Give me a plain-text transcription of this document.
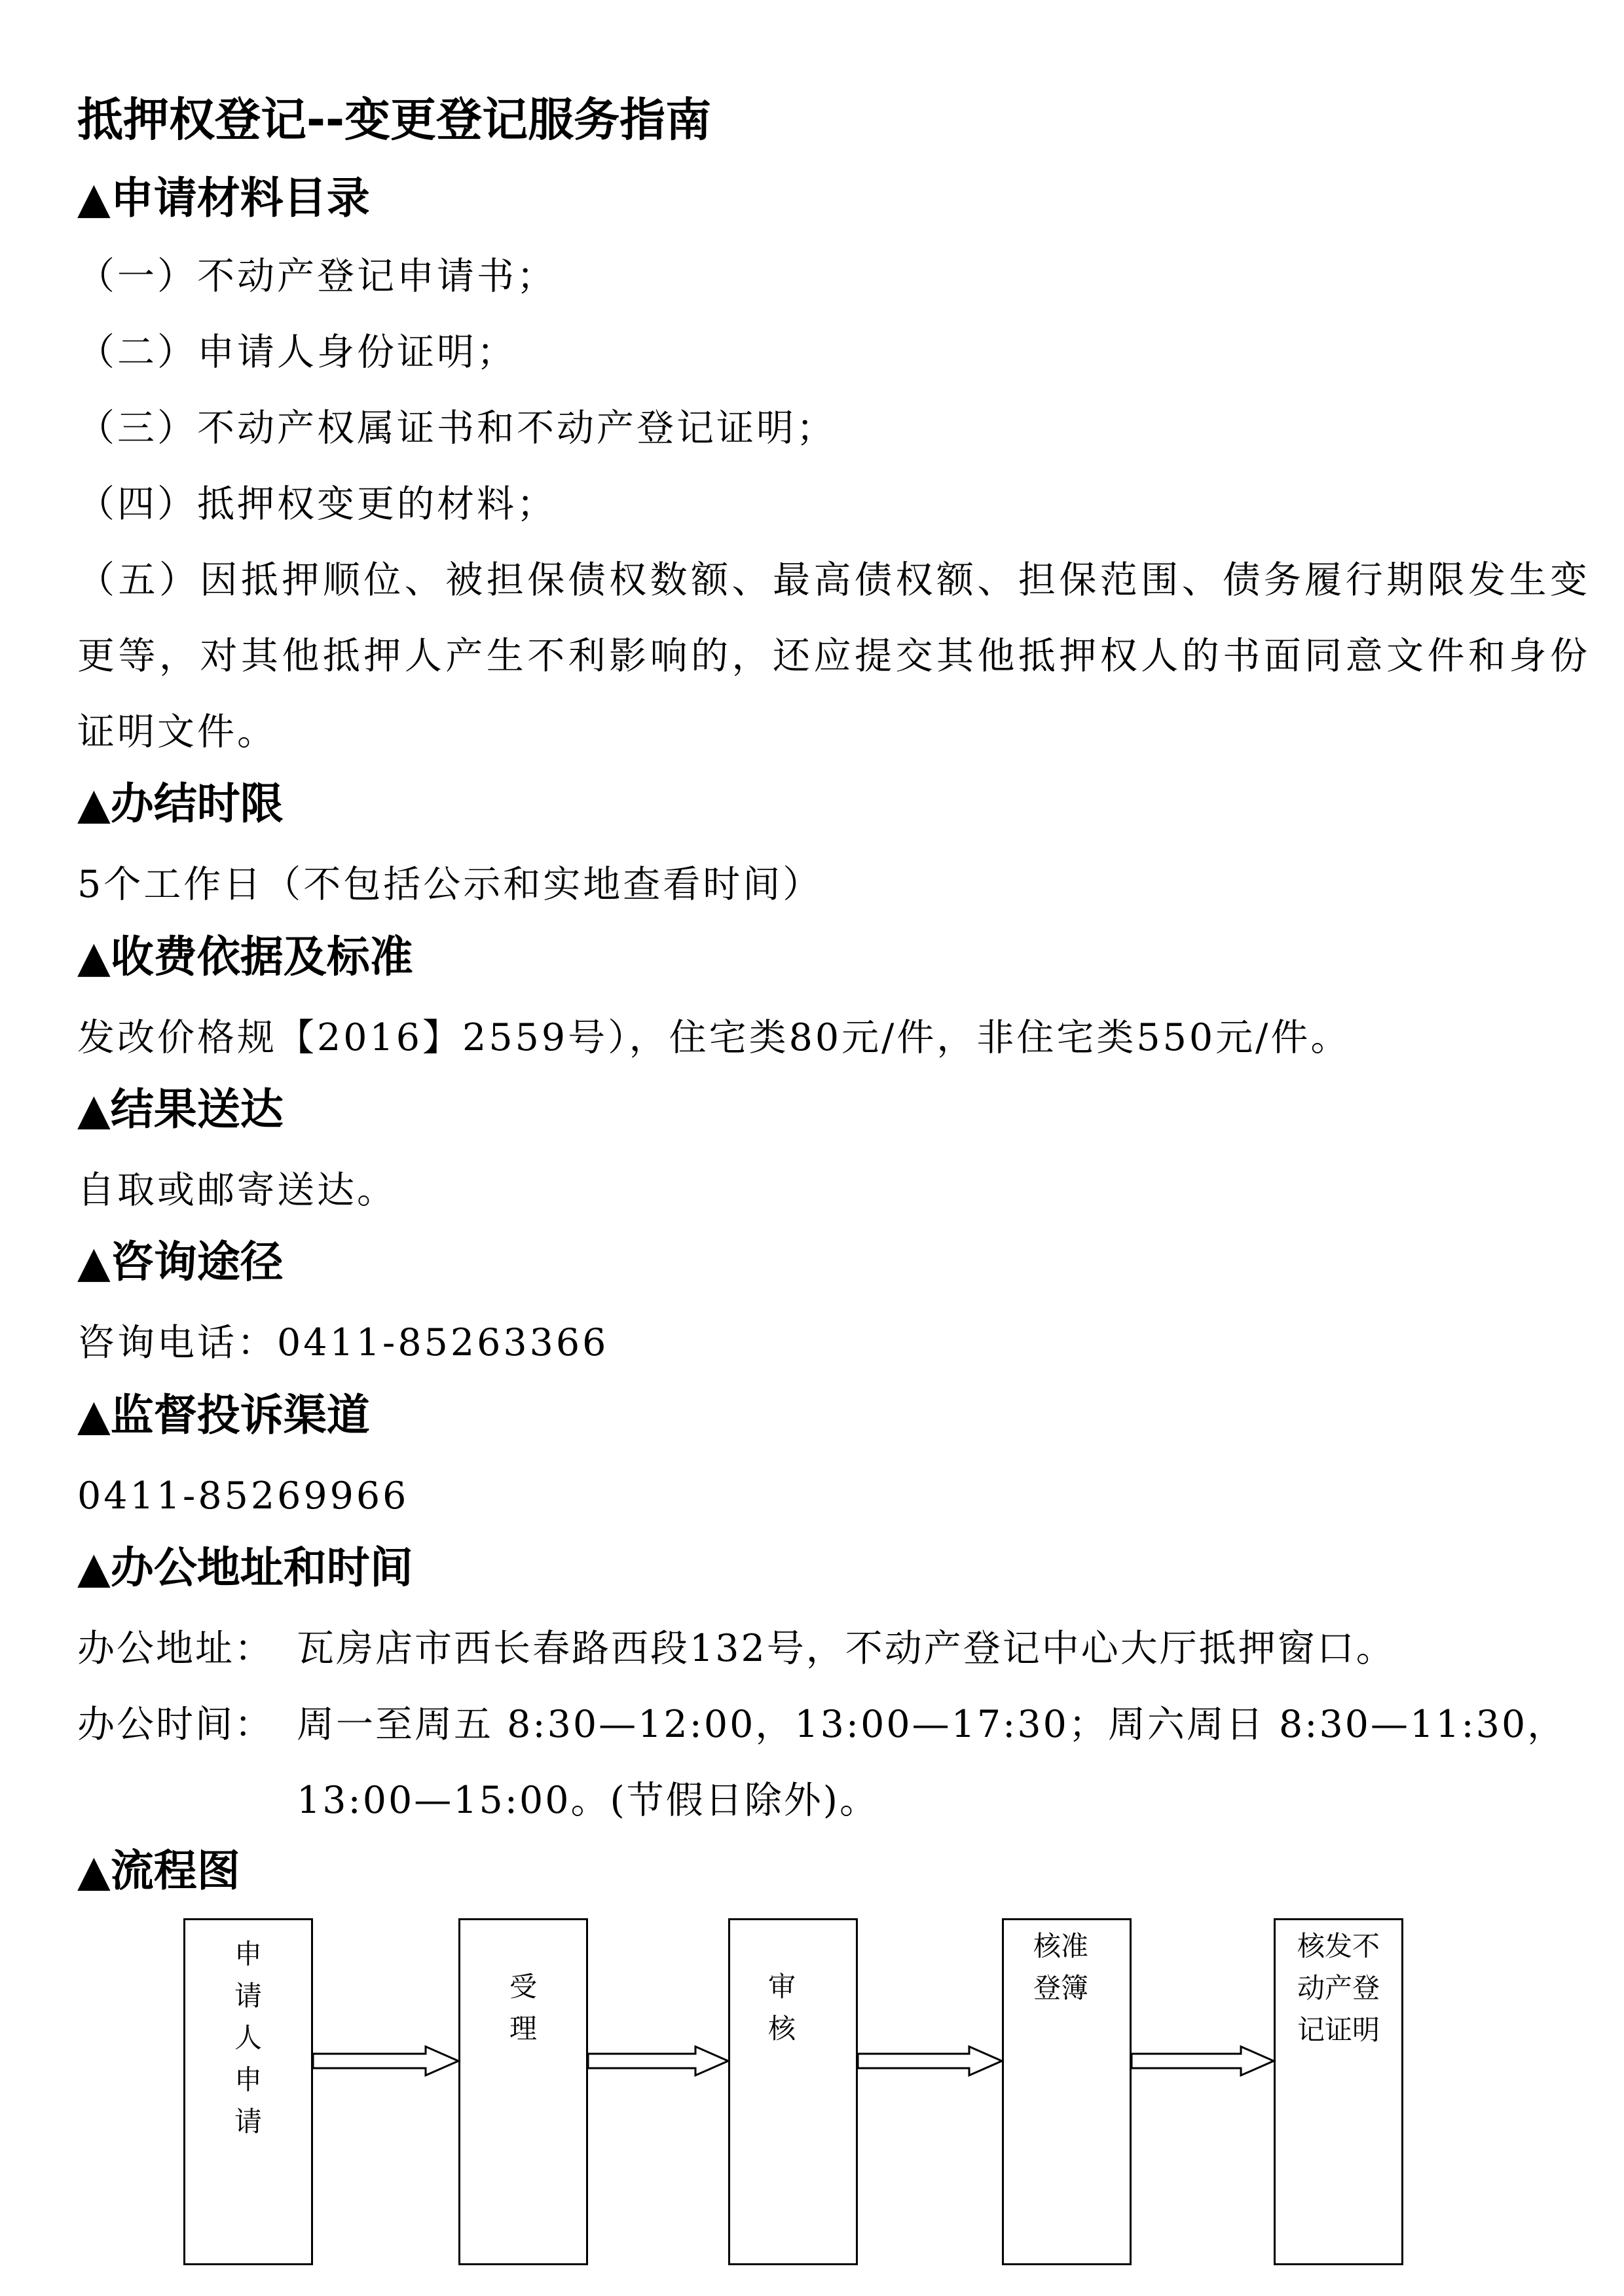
抵押权登记--变更登记服务指南
▲申请材料目录
（一）不动产登记申请书；
（二）申请人身份证明；
（三）不动产权属证书和不动产登记证明；
（四）抵押权变更的材料；
（五）因抵押顺位、被担保债权数额、最高债权额、担保范围、债务履行期限发生变更等，对其他抵押人产生不利影响的，还应提交其他抵押权人的书面同意文件和身份证明文件。
▲办结时限
5个工作日（不包括公示和实地查看时间）
▲收费依据及标准
发改价格规【2016】2559号），住宅类80元/件，非住宅类550元/件。
▲结果送达
自取或邮寄送达。
▲咨询途径
咨询电话：0411-85263366
▲监督投诉渠道
0411-85269966
▲办公地址和时间
办公地址： 瓦房店市西长春路西段132号，不动产登记中心大厅抵押窗口。
办公时间： 周一至周五 8:30—12:00，13:00—17:30；周六周日 8:30—11:30，
13:00—15:00。(节假日除外)。
▲流程图
申请人申请
受理
审核
核准登簿
核发不动产登记证明
